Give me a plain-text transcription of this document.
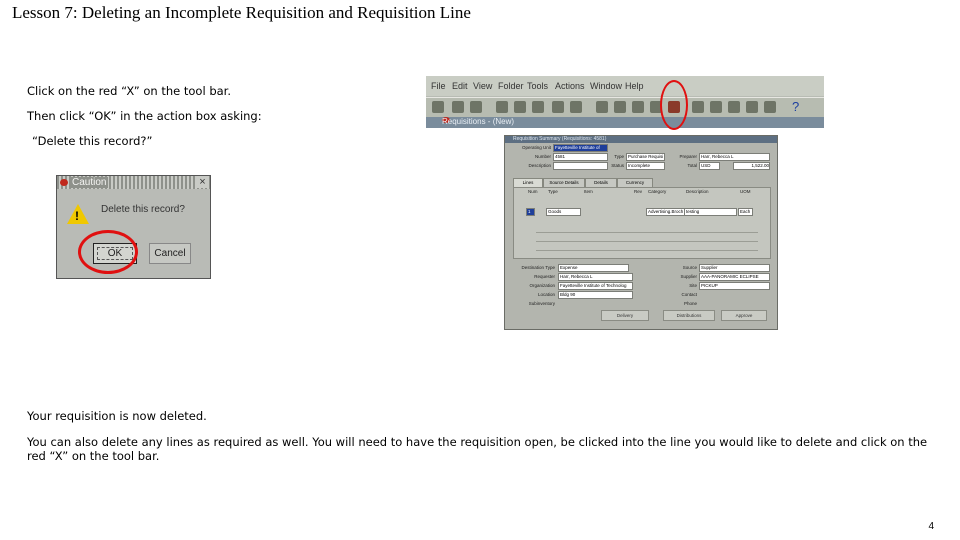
Lesson 7: Deleting an Incomplete Requisition and Requisition Line
Click on the red “X” on the tool bar.
Then click “OK” in the action box asking:
“Delete this record?”
File Edit View Folder Tools Actions Window Help
?
Requisitions - (New)
Requisition Summary (Requisitions: 4581)
Operating Unit Fayetteville Institute of
Number 4581	Type Purchase Requisi	Preparer Harr, Rebecca L
Description	Status Incomplete	Total USD	1,522.00
Lines	Source Details	Details	Currency
Num Type	Item	Rev Category	Description	UOM
1	Goods	Advertising.Broch testing	Each
Destination Type	Expense
Requester	Harr, Rebecca L
Organization	Fayetteville Institute of Technolog
Location	Bldg 90
Subinventory
Source Supplier
Supplier AAA-PANORAMIC ECLIPSE
Site PICKUP
Contact
Phone
Delivery	Distributions	Approve
Caution	×
! Delete this record?
OK	Cancel
Your requisition is now deleted.
You can also delete any lines as required as well. You will need to have the requisition open, be clicked into the line you would like to delete and click on the red “X” on the tool bar.
4
